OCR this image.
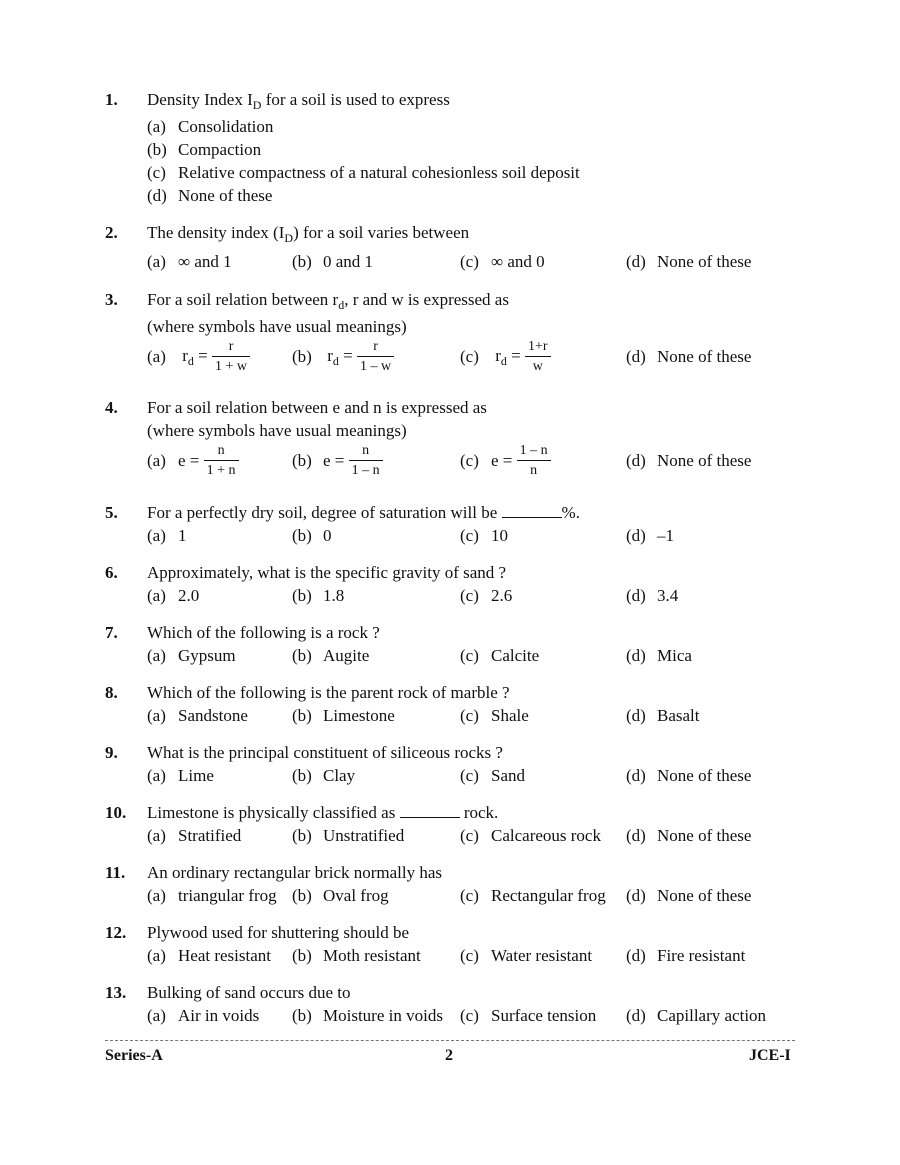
1. Density Index $I_D$ for a soil is used to express
(a) Consolidation
(b) Compaction
(c) Relative compactness of a natural cohesionless soil deposit
(d) None of these
2. The density index $(I_D)$ for a soil varies between
(a) ∞ and 1	(b) 0 and 1	(c) ∞ and 0	(d) None of these
3. For a soil relation between $r_d$, r and w is expressed as
(where symbols have usual meanings)
(a) $r_d = \frac{r}{1 + w} (b) r_d = \frac{r}{1 - w}$	(c) $r_d = \frac{1+r}{w}$	(d) None of these
4. For a soil relation between e and n is expressed as
(where symbols have usual meanings)
(a) $e = \frac{n}{1 + n}$	(b) $e = \frac{n}{1 - n}$	(c) $e = \frac{1 - n}{n}$	(d) None of these
5. For a perfectly dry soil, degree of saturation will be	%.
(a) 1	(b) 0	(c) 10	(d) –1
6. Approximately, what is the specific gravity of sand ?
(a) 2.0	(b) 1.8	(c) 2.6	(d) 3.4
7. Which of the following is a rock ?
(a) Gypsum	(b) Augite	(c) Calcite	(d) Mica
8. Which of the following is the parent rock of marble ?
(a) Sandstone	(b) Limestone	(c) Shale	(d) Basalt
9. What is the principal constituent of siliceous rocks ?
(a) Lime	(b) Clay	(c) Sand	(d) None of these
10. Limestone is physically classified as	rock.
(a) Stratified	(b) Unstratified	(c) Calcareous rock (d) None of these
11. An ordinary rectangular brick normally has
(a) triangular frog (b) Oval frog	(c) Rectangular frog (d) None of these
12. Plywood used for shuttering should be
(a) Heat resistant (b) Moth resistant (c) Water resistant (d) Fire resistant
13. Bulking of sand occurs due to
(a) Air in voids (b) Moisture in voids (c) Surface tension (d) Capillary action
Series-A	2	JCE-I
